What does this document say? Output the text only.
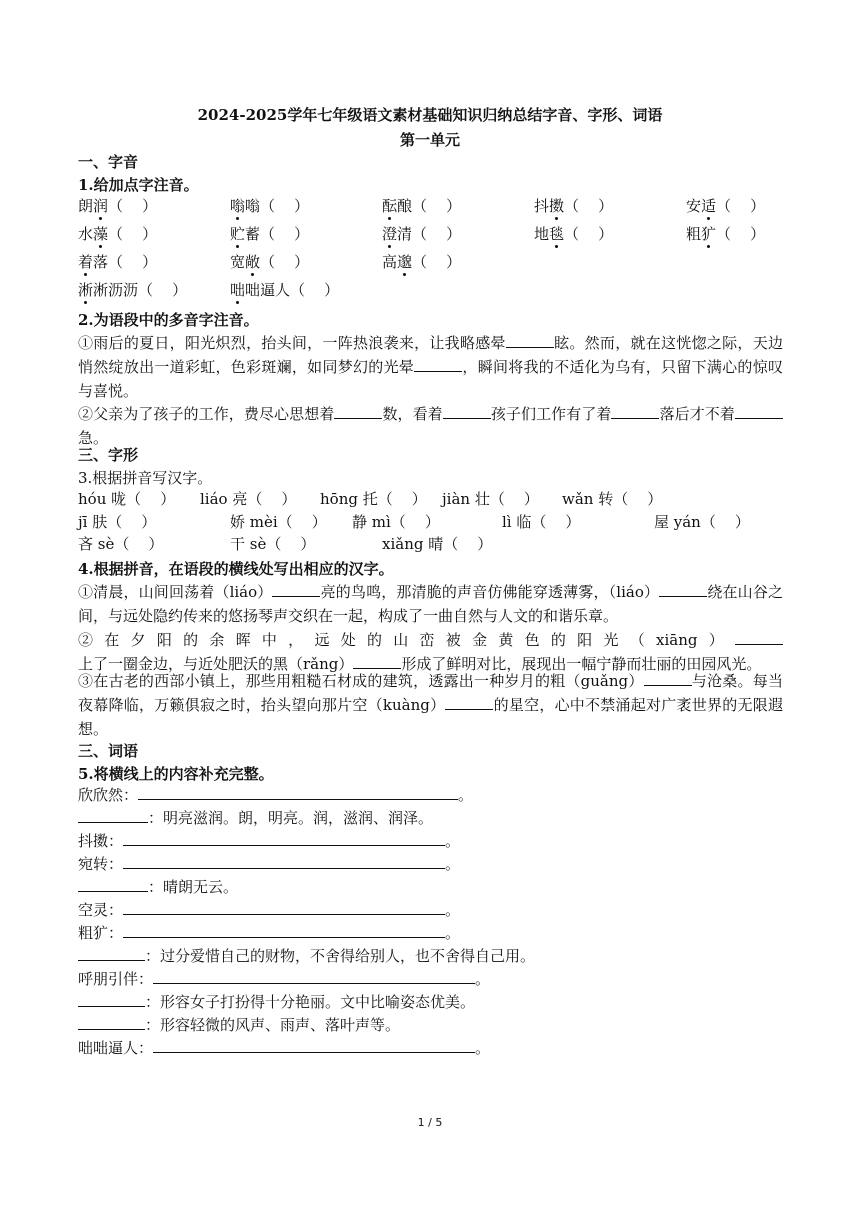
2024-2025学年七年级语文素材基础知识归纳总结字音、字形、词语
第一单元
一、字音
1.给加点字注音。
朗润（    ）	嗡嗡（    ）	酝酿（    ）	抖擞（    ）	安适（    ）
水藻（    ）	贮蓄（    ）	澄清（    ）	地毯（    ）	粗犷（    ）
着落（    ）	宽敞（    ）	高邈（    ）
淅淅沥沥（    ）	咄咄逼人（    ）
2.为语段中的多音字注音。
①雨后的夏日，阳光炽烈，抬头间，一阵热浪袭来，让我略感晕	眩。然而，就在这恍惚之际，天边悄然绽放出一道彩虹，色彩斑斓，如同梦幻的光晕	，瞬间将我的不适化为乌有，只留下满心的惊叹与喜悦。
②父亲为了孩子的工作，费尽心思想着	数，看着	孩子们工作有了着	落后才不着急。
三、字形
3.根据拼音写汉字。
hóu 咙（    ） liáo 亮（    ） hōng 托（    ） jiàn 壮（    ） wǎn 转（    ）
jī 肤（    ）	娇 mèi（    ） 静 mì（    ）	lì 临（    ）	屋 yán（    ）
吝 sè（    ）	干 sè（    ）	xiǎng 晴（    ）
4.根据拼音，在语段的横线处写出相应的汉字。
①清晨，山间回荡着（liáo）	亮的鸟鸣，那清脆的声音仿佛能穿透薄雾，（liáo）	绕在山谷之间，与远处隐约传来的悠扬琴声交织在一起，构成了一曲自然与人文的和谐乐章。
②在夕阳的余晖中，远处的山峦被金黄色的阳光（xiāng）上了一圈金边，与近处肥沃的黑（rǎng）	形成了鲜明对比，展现出一幅宁静而壮丽的田园风光。
③在古老的西部小镇上，那些用粗糙石材成的建筑，透露出一种岁月的粗（guǎng）	与沧桑。每当夜幕降临，万籁俱寂之时，抬头望向那片空（kuàng）	的星空，心中不禁涌起对广袤世界的无限遐想。
三、词语
5.将横线上的内容补充完整。
欣欣然：	。
：明亮滋润。朗，明亮。润，滋润、润泽。
抖擞：	。
宛转：	。
：晴朗无云。
空灵：	。
粗犷：	。
：过分爱惜自己的财物，不舍得给别人，也不舍得自己用。
呼朋引伴：	。
：形容女子打扮得十分艳丽。文中比喻姿态优美。
：形容轻微的风声、雨声、落叶声等。
咄咄逼人：	。
1 / 5
